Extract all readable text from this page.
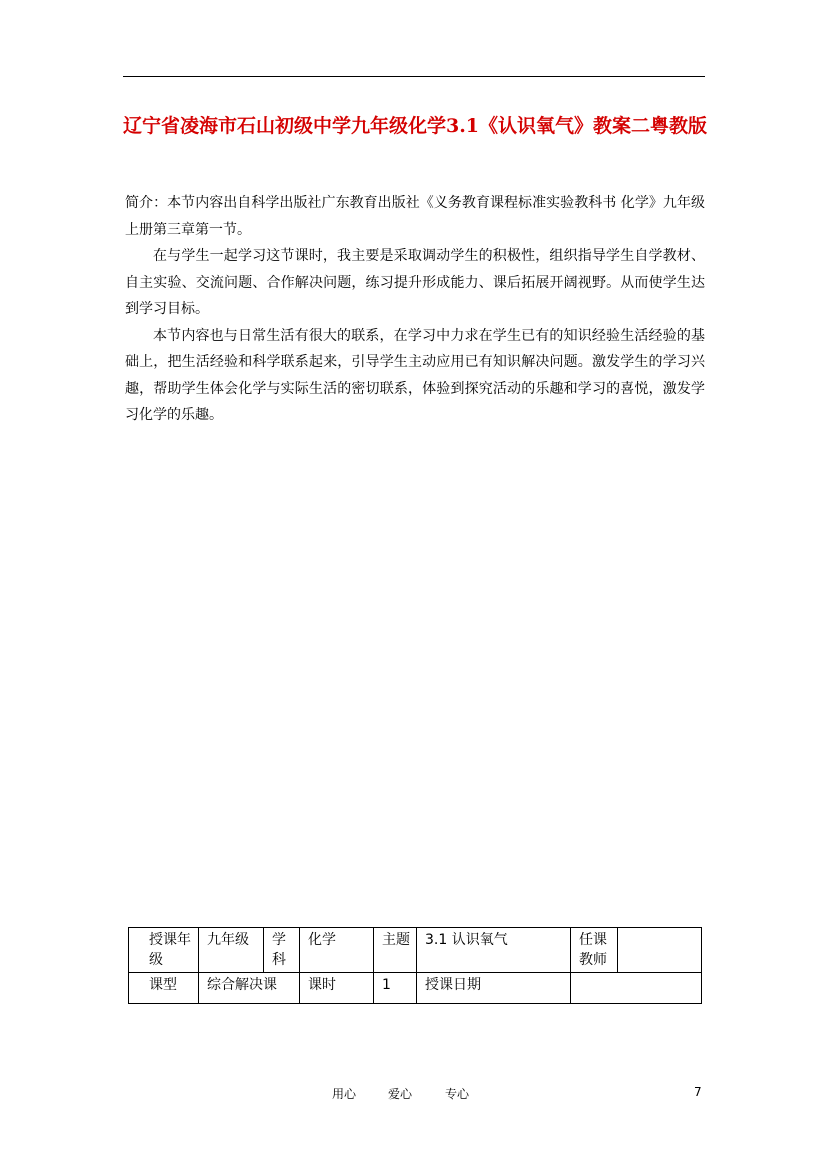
辽宁省凌海市石山初级中学九年级化学3.1《认识氧气》教案二粤教版

简介：本节内容出自科学出版社广东教育出版社《义务教育课程标准实验教科书 化学》九年级上册第三章第一节。

在与学生一起学习这节课时，我主要是采取调动学生的积极性，组织指导学生自学教材、自主实验、交流问题、合作解决问题，练习提升形成能力、课后拓展开阔视野。从而使学生达到学习目标。

本节内容也与日常生活有很大的联系，在学习中力求在学生已有的知识经验生活经验的基础上，把生活经验和科学联系起来，引导学生主动应用已有知识解决问题。激发学生的学习兴趣，帮助学生体会化学与实际生活的密切联系，体验到探究活动的乐趣和学习的喜悦，激发学习化学的乐趣。

授课年级	九年级	学科	化学	主题	3.1 认识氧气	任课教师	
课型	综合解决课		课时	1	授课日期		
用心	爱心	专心	7
